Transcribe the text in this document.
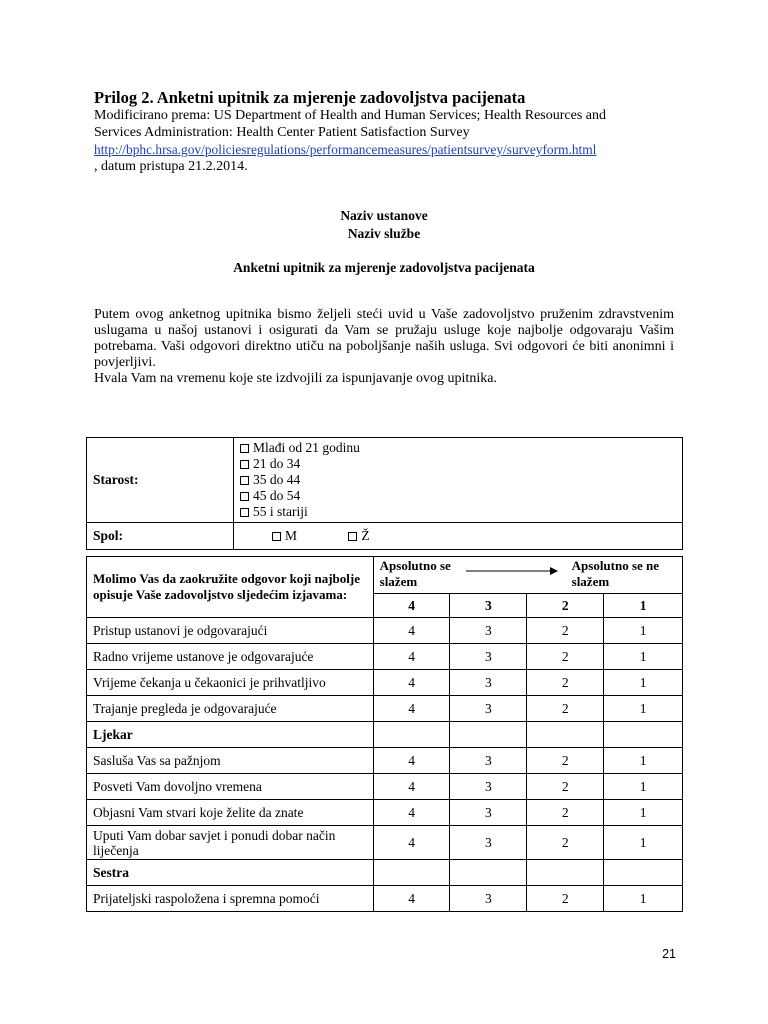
Prilog 2. Anketni upitnik za mjerenje zadovoljstva pacijenata
Modificirano prema: US Department of Health and Human Services; Health Resources and
Services Administration: Health Center Patient Satisfaction Survey
http://bphc.hrsa.gov/policiesregulations/performancemeasures/patientsurvey/surveyform.html
, datum pristupa 21.2.2014.
Naziv ustanove
Naziv službe
Anketni upitnik za mjerenje zadovoljstva pacijenata

Putem ovog anketnog upitnika bismo željeli steći uvid u Vaše zadovoljstvo pruženim zdravstvenim uslugama u našoj ustanovi i osigurati da Vam se pružaju usluge koje najbolje odgovaraju Vašim potrebama. Vaši odgovori direktno utiču na poboljšanje naših usluga. Svi odgovori će biti anonimni i povjerljivi.

Hvala Vam na vremenu koje ste izdvojili za ispunjavanje ovog upitnika.

Starost:	Mlađi od 21 godinu
21 do 34
35 do 44
45 do 54
55 i stariji

Spol:	M Ž
Molimo Vas da zaokružite odgovor koji najbolje opisuje Vaše zadovoljstvo sljedećim izjavama:	Apsolutno se slažem
Apsolutno se ne slažem			

	4	3	2	1
Pristup ustanovi je odgovarajući	4	3	2	1
Radno vrijeme ustanove je odgovarajuće	4	3	2	1
Vrijeme čekanja u čekaonici je prihvatljivo	4	3	2	1
Trajanje pregleda je odgovarajuće	4	3	2	1
Ljekar				
Sasluša Vas sa pažnjom	4	3	2	1
Posveti Vam dovoljno vremena	4	3	2	1
Objasni Vam stvari koje želite da znate	4	3	2	1
Uputi Vam dobar savjet i ponudi dobar način liječenja	4	3	2	1
Sestra				
Prijateljski raspoložena i spremna pomoći	4	3	2	1
21
